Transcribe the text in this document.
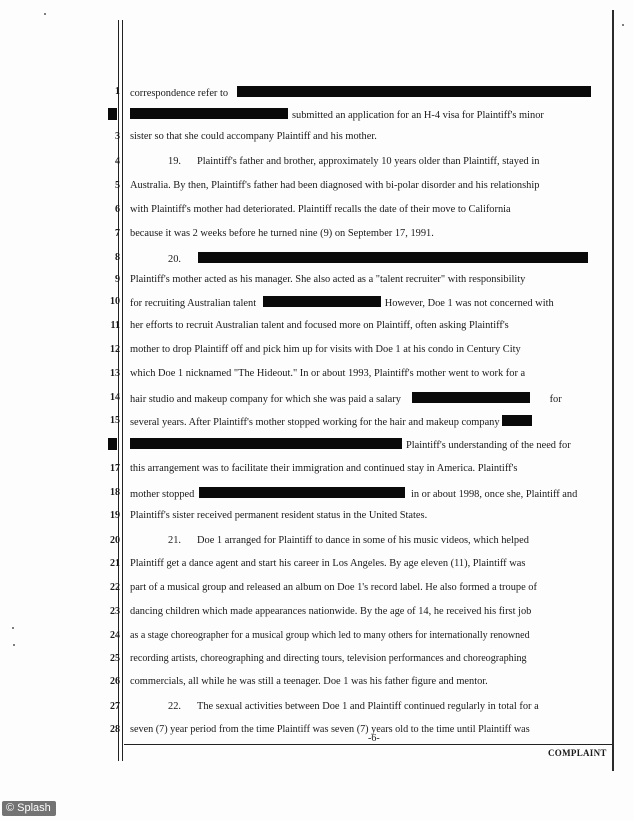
1
3
4
5
6
7
8
9
10
11
12
13
14
15
17
18
19
20
21
22
23
24
25
26
27
28
correspondence refer to
submitted an application for an H-4 visa for Plaintiff's minor
sister so that she could accompany Plaintiff and his mother.
19. Plaintiff's father and brother, approximately 10 years older than Plaintiff, stayed in
Australia. By then, Plaintiff's father had been diagnosed with bi-polar disorder and his relationship
with Plaintiff's mother had deteriorated. Plaintiff recalls the date of their move to California
because it was 2 weeks before he turned nine (9) on September 17, 1991.
20.
Plaintiff's mother acted as his manager. She also acted as a "talent recruiter" with responsibility
for recruiting Australian talent	However, Doe 1 was not concerned with
her efforts to recruit Australian talent and focused more on Plaintiff, often asking Plaintiff's
mother to drop Plaintiff off and pick him up for visits with Doe 1 at his condo in Century City
which Doe 1 nicknamed "The Hideout." In or about 1993, Plaintiff's mother went to work for a
hair studio and makeup company for which she was paid a salary	for
several years. After Plaintiff's mother stopped working for the hair and makeup company
Plaintiff's understanding of the need for
this arrangement was to facilitate their immigration and continued stay in America. Plaintiff's
mother stopped	in or about 1998, once she, Plaintiff and
Plaintiff's sister received permanent resident status in the United States.
21. Doe 1 arranged for Plaintiff to dance in some of his music videos, which helped
Plaintiff get a dance agent and start his career in Los Angeles. By age eleven (11), Plaintiff was
part of a musical group and released an album on Doe 1's record label. He also formed a troupe of
dancing children which made appearances nationwide. By the age of 14, he received his first job
as a stage choreographer for a musical group which led to many others for internationally renowned
recording artists, choreographing and directing tours, television performances and choreographing
commercials, all while he was still a teenager. Doe 1 was his father figure and mentor.
22. The sexual activities between Doe 1 and Plaintiff continued regularly in total for a
seven (7) year period from the time Plaintiff was seven (7) years old to the time until Plaintiff was
-6-
COMPLAINT
© Splash
